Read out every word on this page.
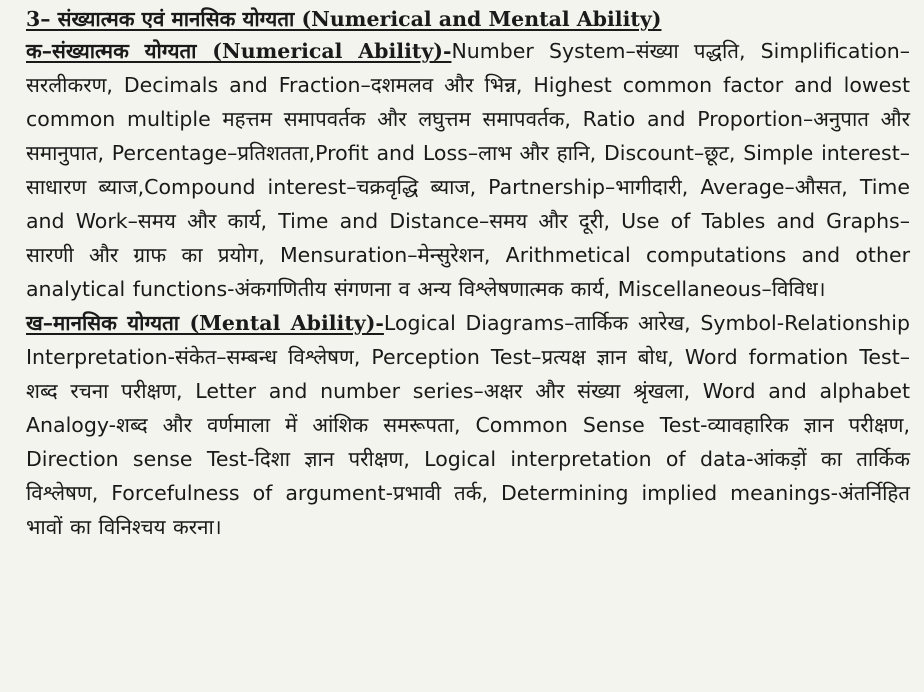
3– संख्यात्मक एवं मानसिक योग्यता (Numerical and Mental Ability)

क–संख्यात्मक योग्यता (Numerical Ability)-Number System–संख्या पद्धति, Simplification–सरलीकरण, Decimals and Fraction–दशमलव और भिन्न, Highest common factor and lowest common multiple महत्तम समापवर्तक और लघुत्तम समापवर्तक, Ratio and Proportion–अनुपात और समानुपात, Percentage–प्रतिशतता,Profit and Loss–लाभ और हानि, Discount–छूट, Simple interest–साधारण ब्याज,Compound interest–चक्रवृद्धि ब्याज, Partnership–भागीदारी, Average–औसत, Time and Work–समय और कार्य, Time and Distance–समय और दूरी, Use of Tables and Graphs–सारणी और ग्राफ का प्रयोग, Mensuration–मेन्सुरेशन, Arithmetical computations and other analytical functions-अंकगणितीय संगणना व अन्य विश्लेषणात्मक कार्य, Miscellaneous–विविध।

ख–मानसिक योग्यता (Mental Ability)-Logical Diagrams–तार्किक आरेख, Symbol-Relationship Interpretation-संकेत–सम्बन्ध विश्लेषण, Perception Test–प्रत्यक्ष ज्ञान बोध, Word formation Test–शब्द रचना परीक्षण, Letter and number series–अक्षर और संख्या श्रृंखला, Word and alphabet Analogy-शब्द और वर्णमाला में आंशिक समरूपता, Common Sense Test-व्यावहारिक ज्ञान परीक्षण, Direction sense Test-दिशा ज्ञान परीक्षण, Logical interpretation of data-आंकड़ों का तार्किक विश्लेषण, Forcefulness of argument-प्रभावी तर्क, Determining implied meanings-अंतर्निहित भावों का विनिश्चय करना।
